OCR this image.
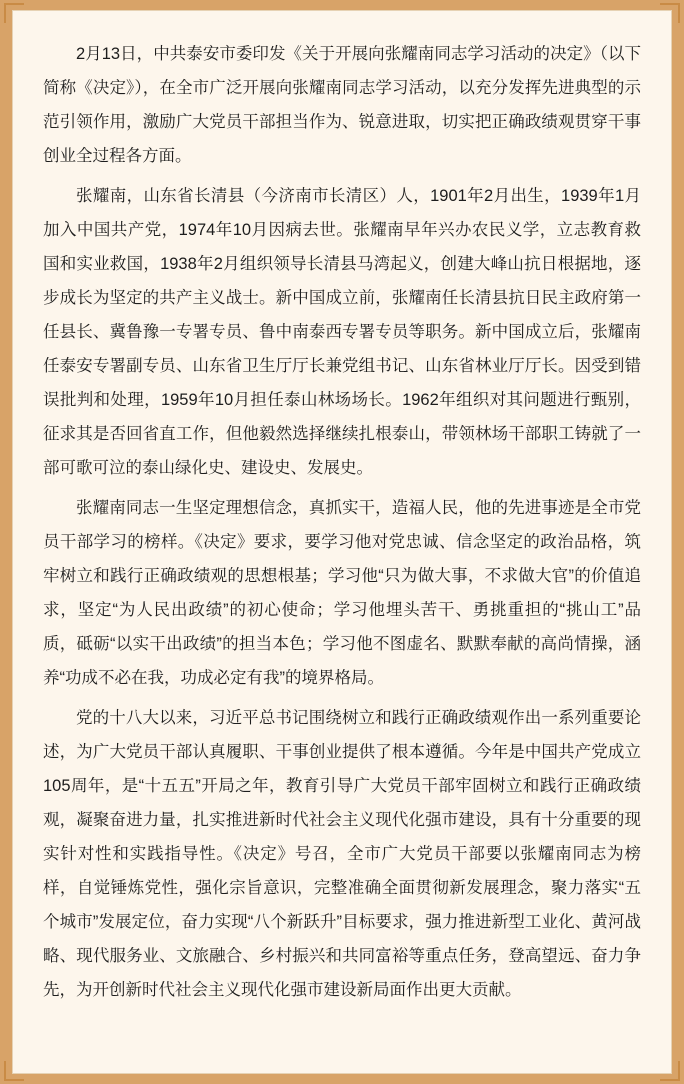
2月13日，中共泰安市委印发《关于开展向张耀南同志学习活动的决定》（以下简称《决定》），在全市广泛开展向张耀南同志学习活动，以充分发挥先进典型的示范引领作用，激励广大党员干部担当作为、锐意进取，切实把正确政绩观贯穿干事创业全过程各方面。

张耀南，山东省长清县（今济南市长清区）人，1901年2月出生，1939年1月加入中国共产党，1974年10月因病去世。张耀南早年兴办农民义学，立志教育救国和实业救国，1938年2月组织领导长清县马湾起义，创建大峰山抗日根据地，逐步成长为坚定的共产主义战士。新中国成立前，张耀南任长清县抗日民主政府第一任县长、冀鲁豫一专署专员、鲁中南泰西专署专员等职务。新中国成立后，张耀南任泰安专署副专员、山东省卫生厅厅长兼党组书记、山东省林业厅厅长。因受到错误批判和处理，1959年10月担任泰山林场场长。1962年组织对其问题进行甄别，征求其是否回省直工作，但他毅然选择继续扎根泰山，带领林场干部职工铸就了一部可歌可泣的泰山绿化史、建设史、发展史。

张耀南同志一生坚定理想信念，真抓实干，造福人民，他的先进事迹是全市党员干部学习的榜样。《决定》要求，要学习他对党忠诚、信念坚定的政治品格，筑牢树立和践行正确政绩观的思想根基；学习他“只为做大事，不求做大官”的价值追求，坚定“为人民出政绩”的初心使命；学习他埋头苦干、勇挑重担的“挑山工”品质，砥砺“以实干出政绩”的担当本色；学习他不图虚名、默默奉献的高尚情操，涵养“功成不必在我，功成必定有我”的境界格局。

党的十八大以来，习近平总书记围绕树立和践行正确政绩观作出一系列重要论述，为广大党员干部认真履职、干事创业提供了根本遵循。今年是中国共产党成立105周年，是“十五五”开局之年，教育引导广大党员干部牢固树立和践行正确政绩观，凝聚奋进力量，扎实推进新时代社会主义现代化强市建设，具有十分重要的现实针对性和实践指导性。《决定》号召，全市广大党员干部要以张耀南同志为榜样，自觉锤炼党性，强化宗旨意识，完整准确全面贯彻新发展理念，聚力落实“五个城市”发展定位，奋力实现“八个新跃升”目标要求，强力推进新型工业化、黄河战略、现代服务业、文旅融合、乡村振兴和共同富裕等重点任务，登高望远、奋力争先，为开创新时代社会主义现代化强市建设新局面作出更大贡献。
